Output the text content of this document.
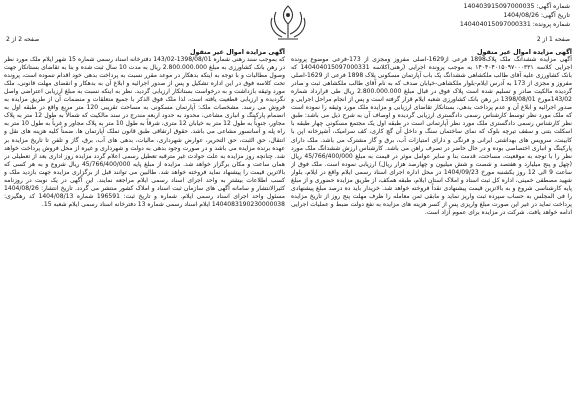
شماره آگهی: 140403915097000035
تاریخ آگهی: 1404/08/26
شماره پرونده: 140404015097000331
صفحه 1 از 2
صفحه 2 از 2
آگهی مزایده اموال غیر منقول

آگهی مزایده ششدانگ ملک پلاک1898 فرعی از1629-اصلی مفروز ومجزی از 173-فرعی موضوع پرونده اجرایی کلاسه ۱۴۰۴۰۴۰۱۵۰۹۷۰۰۰۳۳۱ به موجب پرونده اجرایی (رهنی)کلاسه 140404015097000331 که بانک کشاورزی علیه آقای طالب ملکشاهی ششدانگ یک باب آپارتمان مسکونی پلاک 1898 فرعی از 1629-اصلی مفروز و مجزی از 173 به آدرس ایلام-بلوار ملکشاهی-خیابان صدف که به نام آقای طالب ملکشاهی ثبت و صادر گردیده مالکیت صادر و تسلیم شده است پلاک فوق در قبال مبلغ 2.800.000.000 ریال طی قرارداد شماره 143/02مورخ 1398/08/01 در رهن بانک کشاورزی شعبه ایلام قرار گرفته است و پس از انجام مراحل اجرایی و صدور اجرائیه و ابلاغ آن و عدم پرداخت بدهی، بستانکار تقاضای ارزیابی و مزایده ملک مورد وثیقه را نموده است که ملک مورد نظر توسط کارشناس رسمی دادگستری ارزیابی گردیده و اوصاف آن به شرح ذیل می باشد: طبق نظر کارشناس رسمی دادگستری ملک مورد نظر آپارتمانی است در طبقه اول یک مجتمع مسکونی چهار طبقه با اسکلت بتنی و سقف تیرچه بلوک که نمای ساختمان سنگ و داخل آن گچ کاری، کف سرامیک، آشپزخانه اپن با کابینت، سرویس های بهداشتی ایرانی و فرنگی و دارای امتیازات آب، برق و گاز مشترک می باشد. ملک دارای پارکینگ و انباری اختصاصی بوده و در حال حاضر در تصرف راهن می باشد. کارشناس ارزش ششدانگ ملک مورد نظر را با توجه به موقعیت، مساحت، قدمت بنا و سایر عوامل موثر در قیمت به مبلغ 45/766/400/000 ریال (چهل و پنج میلیارد و هفتصد و شصت و شش میلیون و چهارصد هزار ریال) ارزیابی نموده است. ملک فوق از ساعت 9 الی 12 روز یکشنبه مورخ 1404/09/23 در محل اداره اجرای اسناد رسمی ایلام واقع در ایلام، بلوار شهید مصطفی خمینی، اداره کل ثبت اسناد و املاک استان ایلام، طبقه همکف، از طریق مزایده حضوری و از مبلغ پایه کارشناسی شروع و به بالاترین قیمت پیشنهادی نقداً فروخته خواهد شد. خریدار باید ده درصد مبلغ پیشنهادی را فی المجلس به حساب سپرده ثبت واریز نماید و مابقی ثمن معامله را ظرف مهلت پنج روز از تاریخ مزایده پرداخت نماید در غیر این صورت مبلغ واریزی پس از کسر هزینه های مزایده به نفع دولت ضبط و عملیات اجرایی ادامه خواهد یافت. شرکت در مزایده برای عموم آزاد است.

آگهی مزایده اموال غیر منقول

که بموجب سند رهنی شماره 1398/08/01-143/02 دفترخانه اسناد رسمی شماره 15 شهر ایلام ملک مورد نظر در رهن بانک کشاورزی به مبلغ 2.800.000.000 ریال به مدت 10 سال ثبت شده و بنا به تقاضای بستانکار جهت وصول مطالبات و با توجه به اینکه بدهکار در موعد مقرر نسبت به پرداخت بدهی خود اقدام ننموده است، پرونده تحت کلاسه فوق در این اداره تشکیل و پس از صدور اجرائیه و ابلاغ آن به بدهکار و انقضای مهلت قانونی، ملک مورد وثیقه بازداشت و به درخواست بستانکار ارزیابی گردید. نظر به اینکه نسبت به مبلغ ارزیابی اعتراضی واصل نگردیده و ارزیابی قطعیت یافته است، لذا ملک فوق الذکر با جمیع متعلقات و منضمات آن از طریق مزایده به فروش می رسد. مشخصات ملک: آپارتمان مسکونی به مساحت تقریبی 120 متر مربع واقع در طبقه اول به انضمام پارکینگ و انباری مشاعی، محدود به حدود اربعه مندرج در سند مالکیت که شمالاً به طول 12 متر به پلاک مجاور، جنوباً به طول 12 متر به خیابان 12 متری، شرقاً به طول 10 متر به پلاک مجاور و غرباً به طول 10 متر به راه پله و آسانسور مشاعی می باشد. حقوق ارتفاقی طبق قانون تملک آپارتمان ها. ضمناً کلیه هزینه های نقل و انتقال، حق الثبت، حق التحریر، عوارض شهرداری، مالیات، بدهی های آب، برق، گاز و تلفن تا تاریخ مزایده بر عهده برنده مزایده می باشد و در صورت وجود بدهی به دولت و شهرداری و غیره از محل فروش پرداخت خواهد شد. چنانچه روز مزایده به علت حوادث غیر مترقبه تعطیل رسمی اعلام گردد مزایده روز اداری بعد از تعطیلی در همان ساعت و مکان برگزار خواهد شد. مزایده از مبلغ پایه 45/766/400/000 ریال شروع و به هر کسی که بالاترین قیمت را پیشنهاد نماید فروخته خواهد شد. طالبین می توانند قبل از برگزاری مزایده جهت بازدید ملک و کسب اطلاعات بیشتر به واحد اجرای اسناد رسمی ایلام مراجعه نمایند. این آگهی در یک نوبت در روزنامه کثیرالانتشار و سامانه آگهی های سازمان ثبت اسناد و املاک کشور منتشر می گردد. تاریخ انتشار: 1404/08/26 مسئول واحد اجرای اسناد رسمی ایلام. شماره و تاریخ ثبت: 196591 شماره 1404/08/13 کد رهگیری: 1404083190230000038 ایلام اسناد رسمی شماره 13 دفترخانه اسناد رسمی ایلام شعبه 15.
